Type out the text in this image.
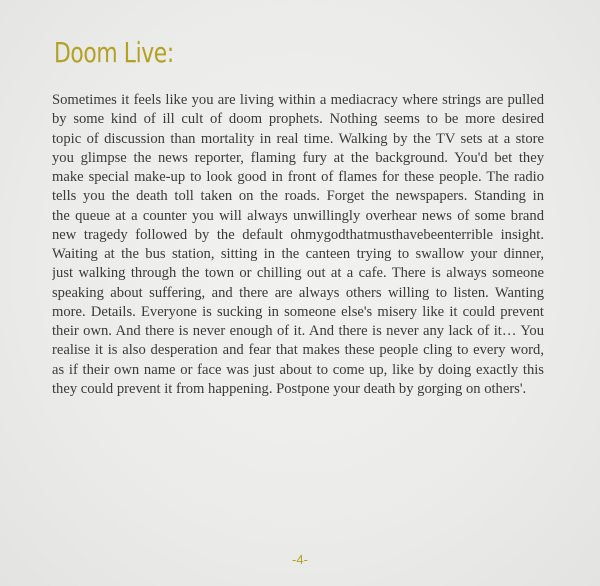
Doom Live:
Sometimes it feels like you are living within a mediacracy where strings are pulled
by some kind of ill cult of doom prophets. Nothing seems to be more desired
topic of discussion than mortality in real time. Walking by the TV sets at a store
you glimpse the news reporter, flaming fury at the background. You'd bet they
make special make-up to look good in front of flames for these people. The radio
tells you the death toll taken on the roads. Forget the newspapers. Standing in
the queue at a counter you will always unwillingly overhear news of some brand
new tragedy followed by the default ohmygodthatmusthavebeenterrible insight.
Waiting at the bus station, sitting in the canteen trying to swallow your dinner,
just walking through the town or chilling out at a cafe. There is always someone
speaking about suffering, and there are always others willing to listen. Wanting
more. Details. Everyone is sucking in someone else's misery like it could prevent
their own. And there is never enough of it. And there is never any lack of it… You
realise it is also desperation and fear that makes these people cling to every word,
as if their own name or face was just about to come up, like by doing exactly this
they could prevent it from happening. Postpone your death by gorging on others'.
-4-
